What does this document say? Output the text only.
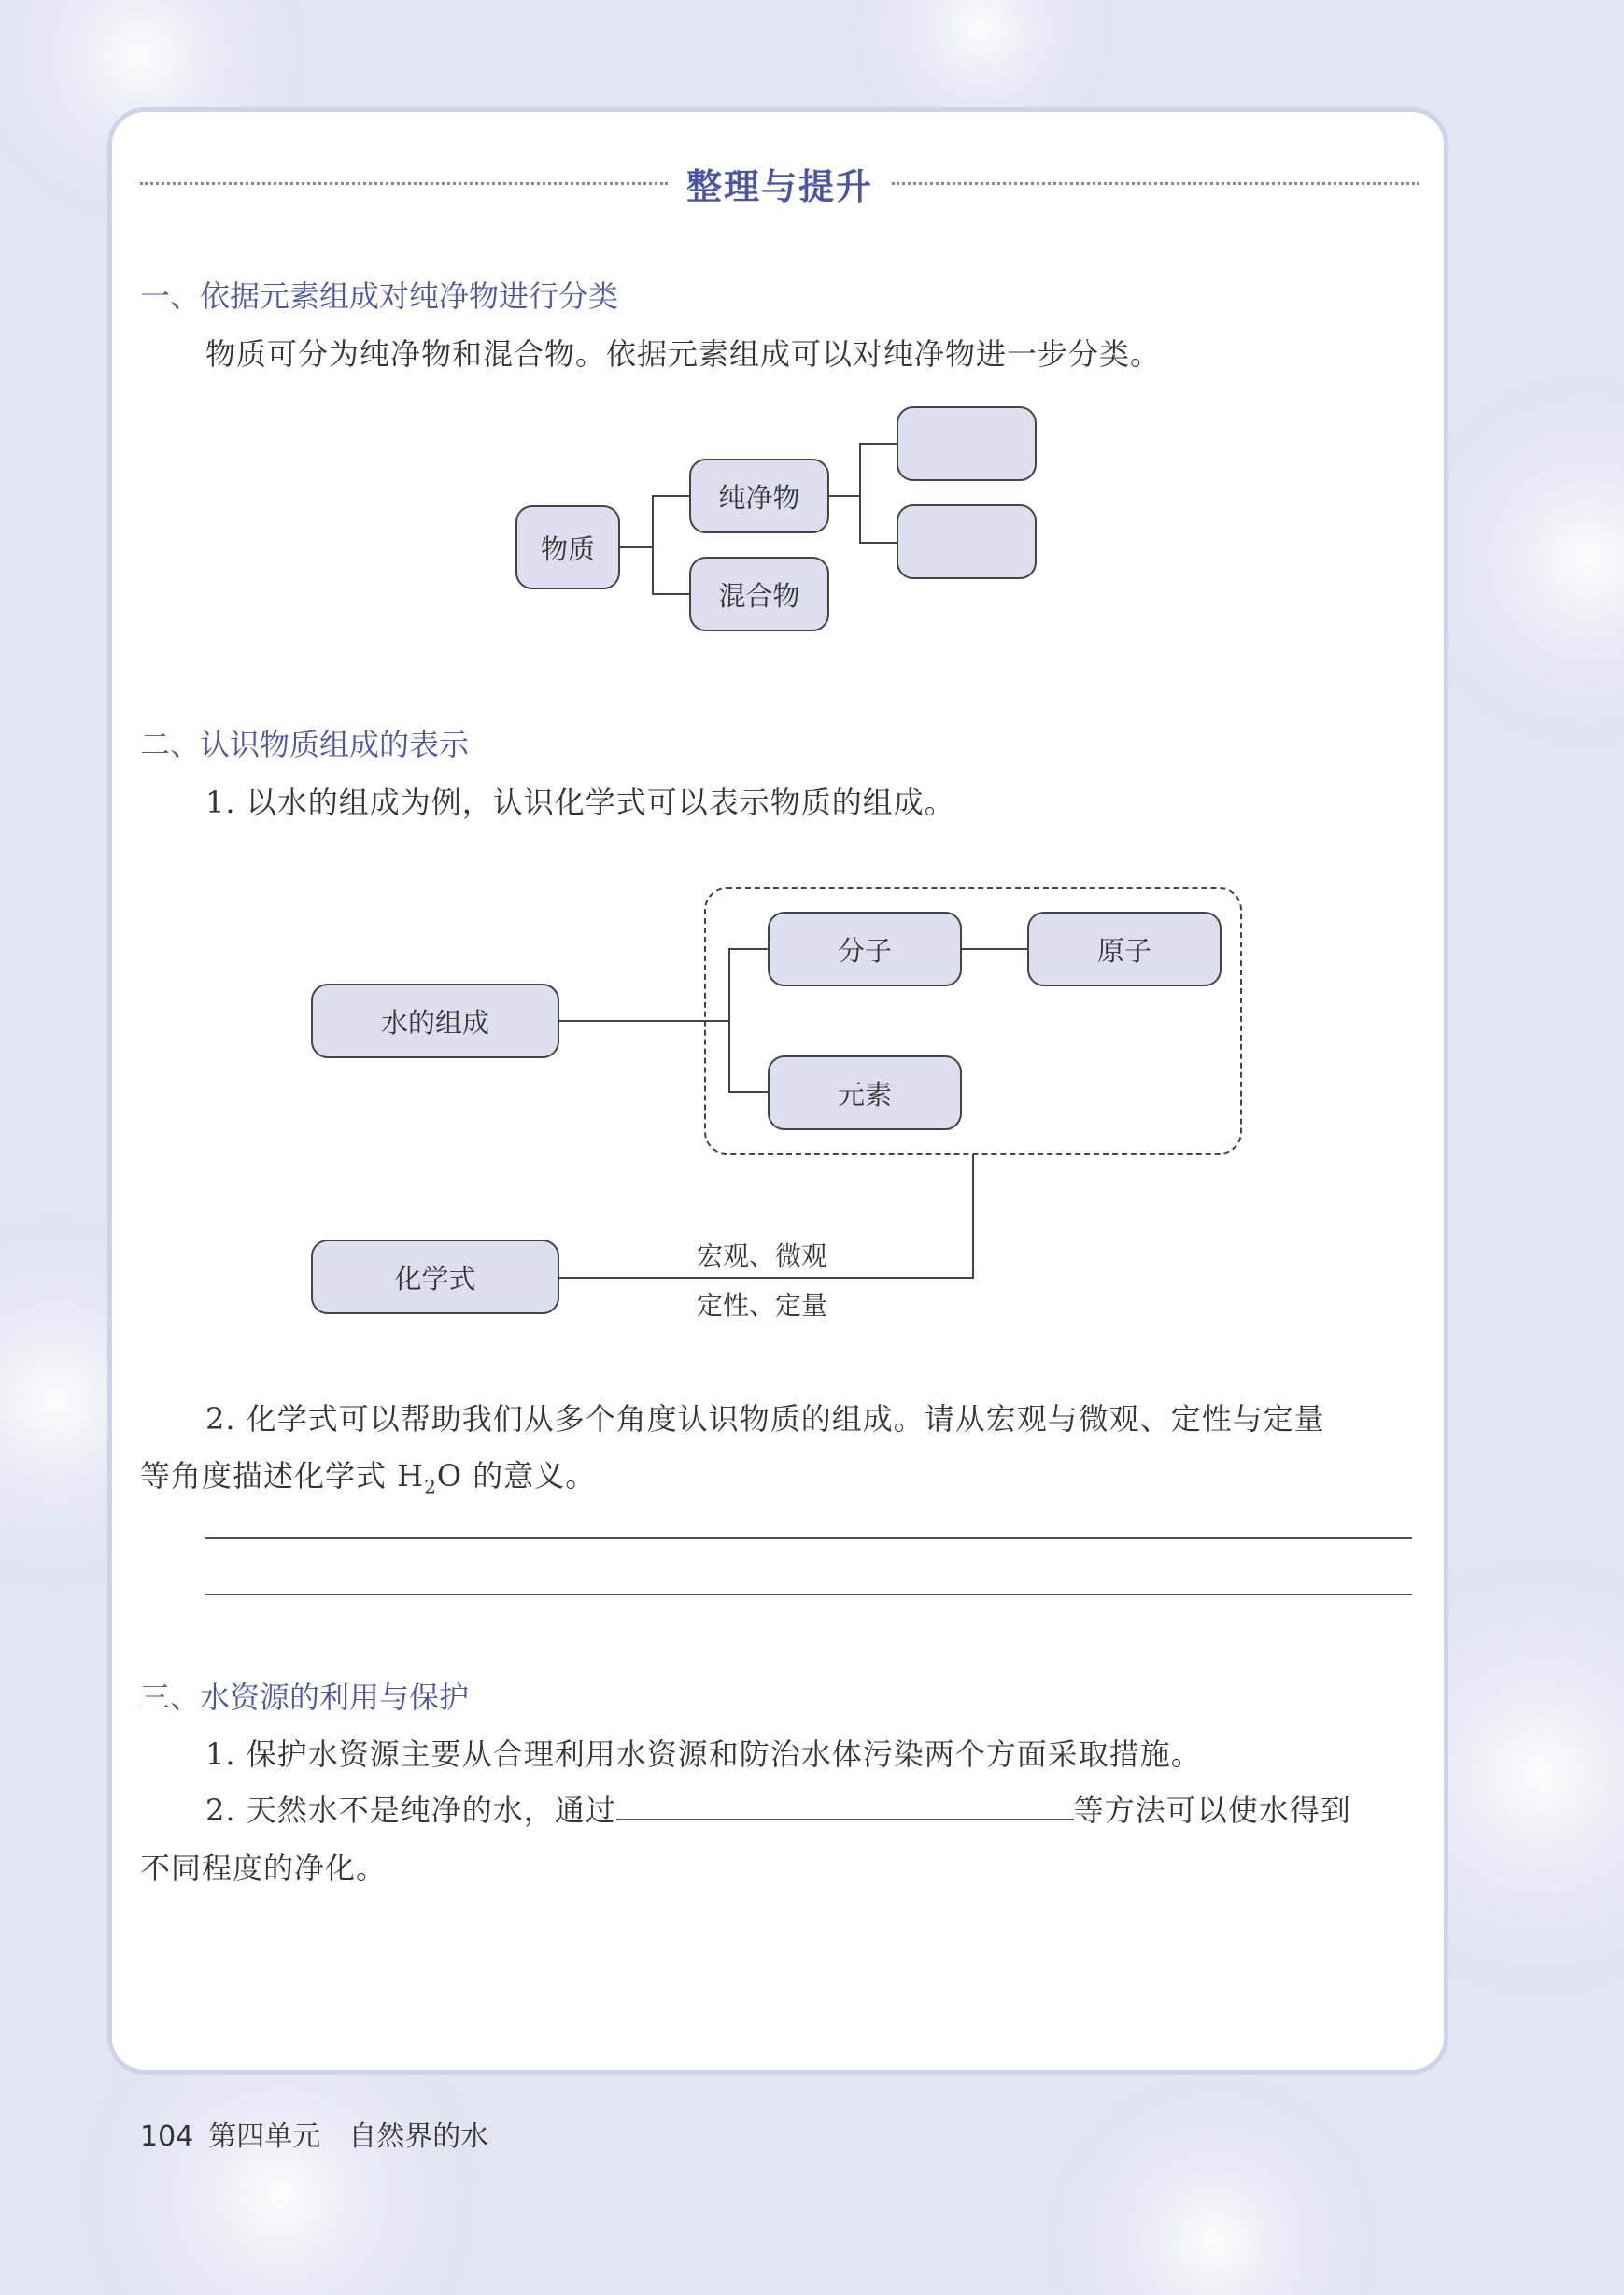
整理与提升
一、依据元素组成对纯净物进行分类
物质可分为纯净物和混合物。依据元素组成可以对纯净物进一步分类。
物质
纯净物
混合物
二、认识物质组成的表示
1. 以水的组成为例，认识化学式可以表示物质的组成。
水的组成
分子	原子
元素
化学式
宏观、微观
定性、定量
2. 化学式可以帮助我们从多个角度认识物质的组成。请从宏观与微观、定性与定量
等角度描述化学式 $H_2O$ 的意义。
三、水资源的利用与保护
1. 保护水资源主要从合理利用水资源和防治水体污染两个方面采取措施。
2. 天然水不是纯净的水，通过	等方法可以使水得到
不同程度的净化。
104 第四单元　自然界的水
